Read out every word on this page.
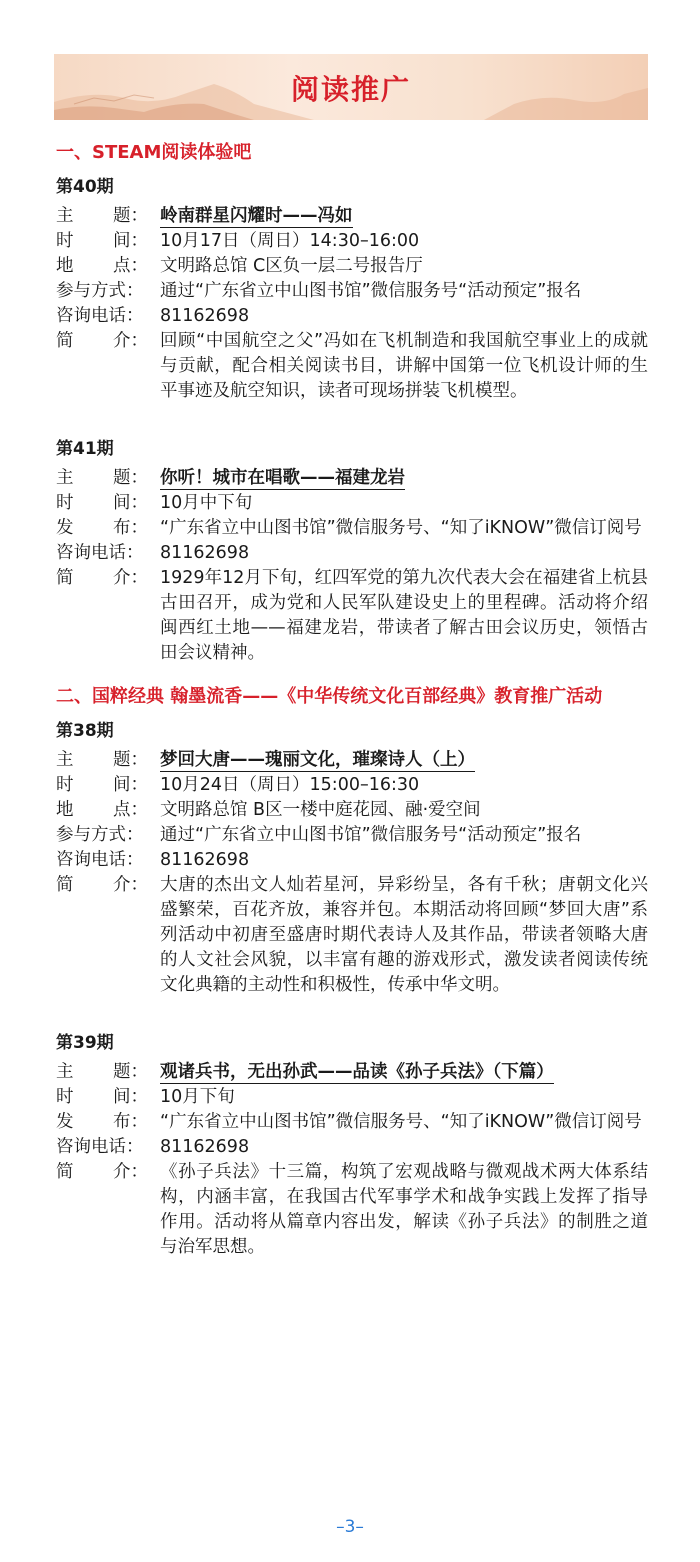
阅读推广
一、STEAM阅读体验吧
第40期
主 题： 岭南群星闪耀时——冯如
时 间： 10月17日（周日）14:30–16:00
地 点： 文明路总馆 C区负一层二号报告厅
参与方式： 通过“广东省立中山图书馆”微信服务号“活动预定”报名
咨询电话： 81162698
简 介： 回顾“中国航空之父”冯如在飞机制造和我国航空事业上的成就与贡献，配合相关阅读书目，讲解中国第一位飞机设计师的生平事迹及航空知识，读者可现场拼装飞机模型。
第41期
主 题： 你听！城市在唱歌——福建龙岩
时 间： 10月中下旬
发 布： “广东省立中山图书馆”微信服务号、“知了iKNOW”微信订阅号
咨询电话： 81162698
简 介： 1929年12月下旬，红四军党的第九次代表大会在福建省上杭县古田召开，成为党和人民军队建设史上的里程碑。活动将介绍闽西红土地——福建龙岩，带读者了解古田会议历史，领悟古田会议精神。
二、国粹经典 翰墨流香——《中华传统文化百部经典》教育推广活动
第38期
主 题： 梦回大唐——瑰丽文化，璀璨诗人（上）
时 间： 10月24日（周日）15:00–16:30
地 点： 文明路总馆 B区一楼中庭花园、融·爱空间
参与方式： 通过“广东省立中山图书馆”微信服务号“活动预定”报名
咨询电话： 81162698
简 介： 大唐的杰出文人灿若星河，异彩纷呈，各有千秋；唐朝文化兴盛繁荣，百花齐放，兼容并包。本期活动将回顾“梦回大唐”系列活动中初唐至盛唐时期代表诗人及其作品，带读者领略大唐的人文社会风貌，以丰富有趣的游戏形式，激发读者阅读传统文化典籍的主动性和积极性，传承中华文明。
第39期
主 题： 观诸兵书，无出孙武——品读《孙子兵法》（下篇）
时 间： 10月下旬
发 布： “广东省立中山图书馆”微信服务号、“知了iKNOW”微信订阅号
咨询电话： 81162698
简 介： 《孙子兵法》十三篇，构筑了宏观战略与微观战术两大体系结构，内涵丰富，在我国古代军事学术和战争实践上发挥了指导作用。活动将从篇章内容出发，解读《孙子兵法》的制胜之道与治军思想。
–3–
